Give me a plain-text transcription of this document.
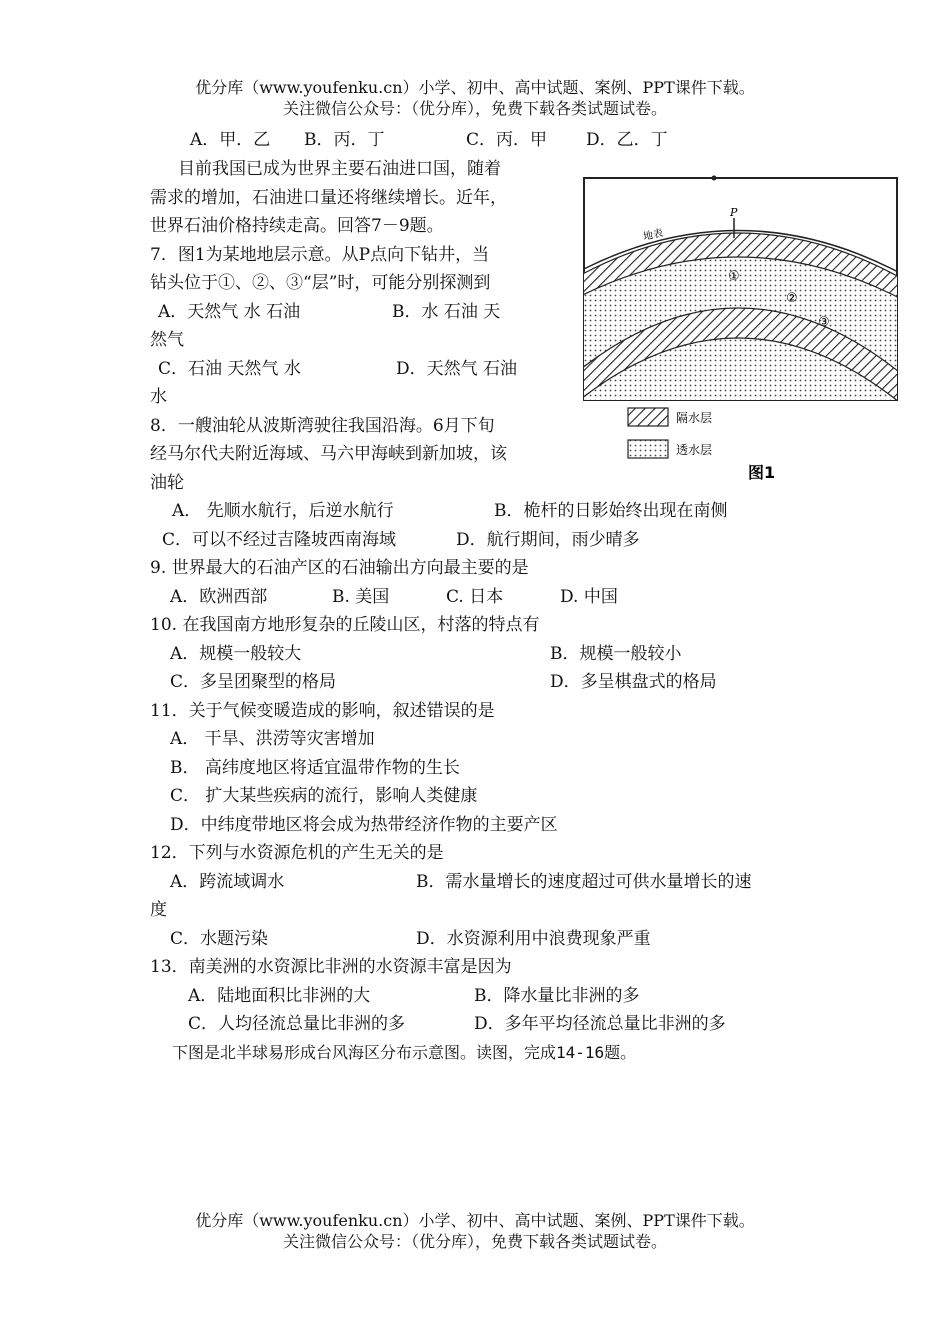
优分库（www.youfenku.cn）小学、初中、高中试题、案例、PPT课件下载。
关注微信公众号：（优分库），免费下载各类试题试卷。
A．甲．乙 B．丙．丁	C．丙．甲 D．乙．丁
目前我国已成为世界主要石油进口国，随着
需求的增加，石油进口量还将继续增长。近年，
世界石油价格持续走高。回答7－9题。
7．图1为某地地层示意。从P点向下钻井，当
钻头位于①、②、③“层”时，可能分别探测到
A．天然气 水 石油	B．水 石油 天
然气
C．石油 天然气 水	D．天然气 石油
水
8．一艘油轮从波斯湾驶往我国沿海。6月下旬
经马尔代夫附近海域、马六甲海峡到新加坡，该
油轮
A． 先顺水航行，后逆水航行	B．桅杆的日影始终出现在南侧
C．可以不经过吉隆坡西南海域	D．航行期间，雨少晴多
9. 世界最大的石油产区的石油输出方向最主要的是
A．欧洲西部	B. 美国	C. 日本	D. 中国
10. 在我国南方地形复杂的丘陵山区，村落的特点有
A．规模一般较大	B．规模一般较小
C．多呈团聚型的格局	D．多呈棋盘式的格局
11．关于气候变暖造成的影响，叙述错误的是
A． 干旱、洪涝等灾害增加
B． 高纬度地区将适宜温带作物的生长
C． 扩大某些疾病的流行，影响人类健康
D．中纬度带地区将会成为热带经济作物的主要产区
12．下列与水资源危机的产生无关的是
A．跨流域调水	B．需水量增长的速度超过可供水量增长的速
度
C．水题污染	D．水资源利用中浪费现象严重
13．南美洲的水资源比非洲的水资源丰富是因为
A．陆地面积比非洲的大	B．降水量比非洲的多
C．人均径流总量比非洲的多	D．多年平均径流总量比非洲的多
下图是北半球易形成台风海区分布示意图。读图，完成14-16题。
P
地表
①
②
③
隔水层
透水层
图1
优分库（www.youfenku.cn）小学、初中、高中试题、案例、PPT课件下载。
关注微信公众号：（优分库），免费下载各类试题试卷。
